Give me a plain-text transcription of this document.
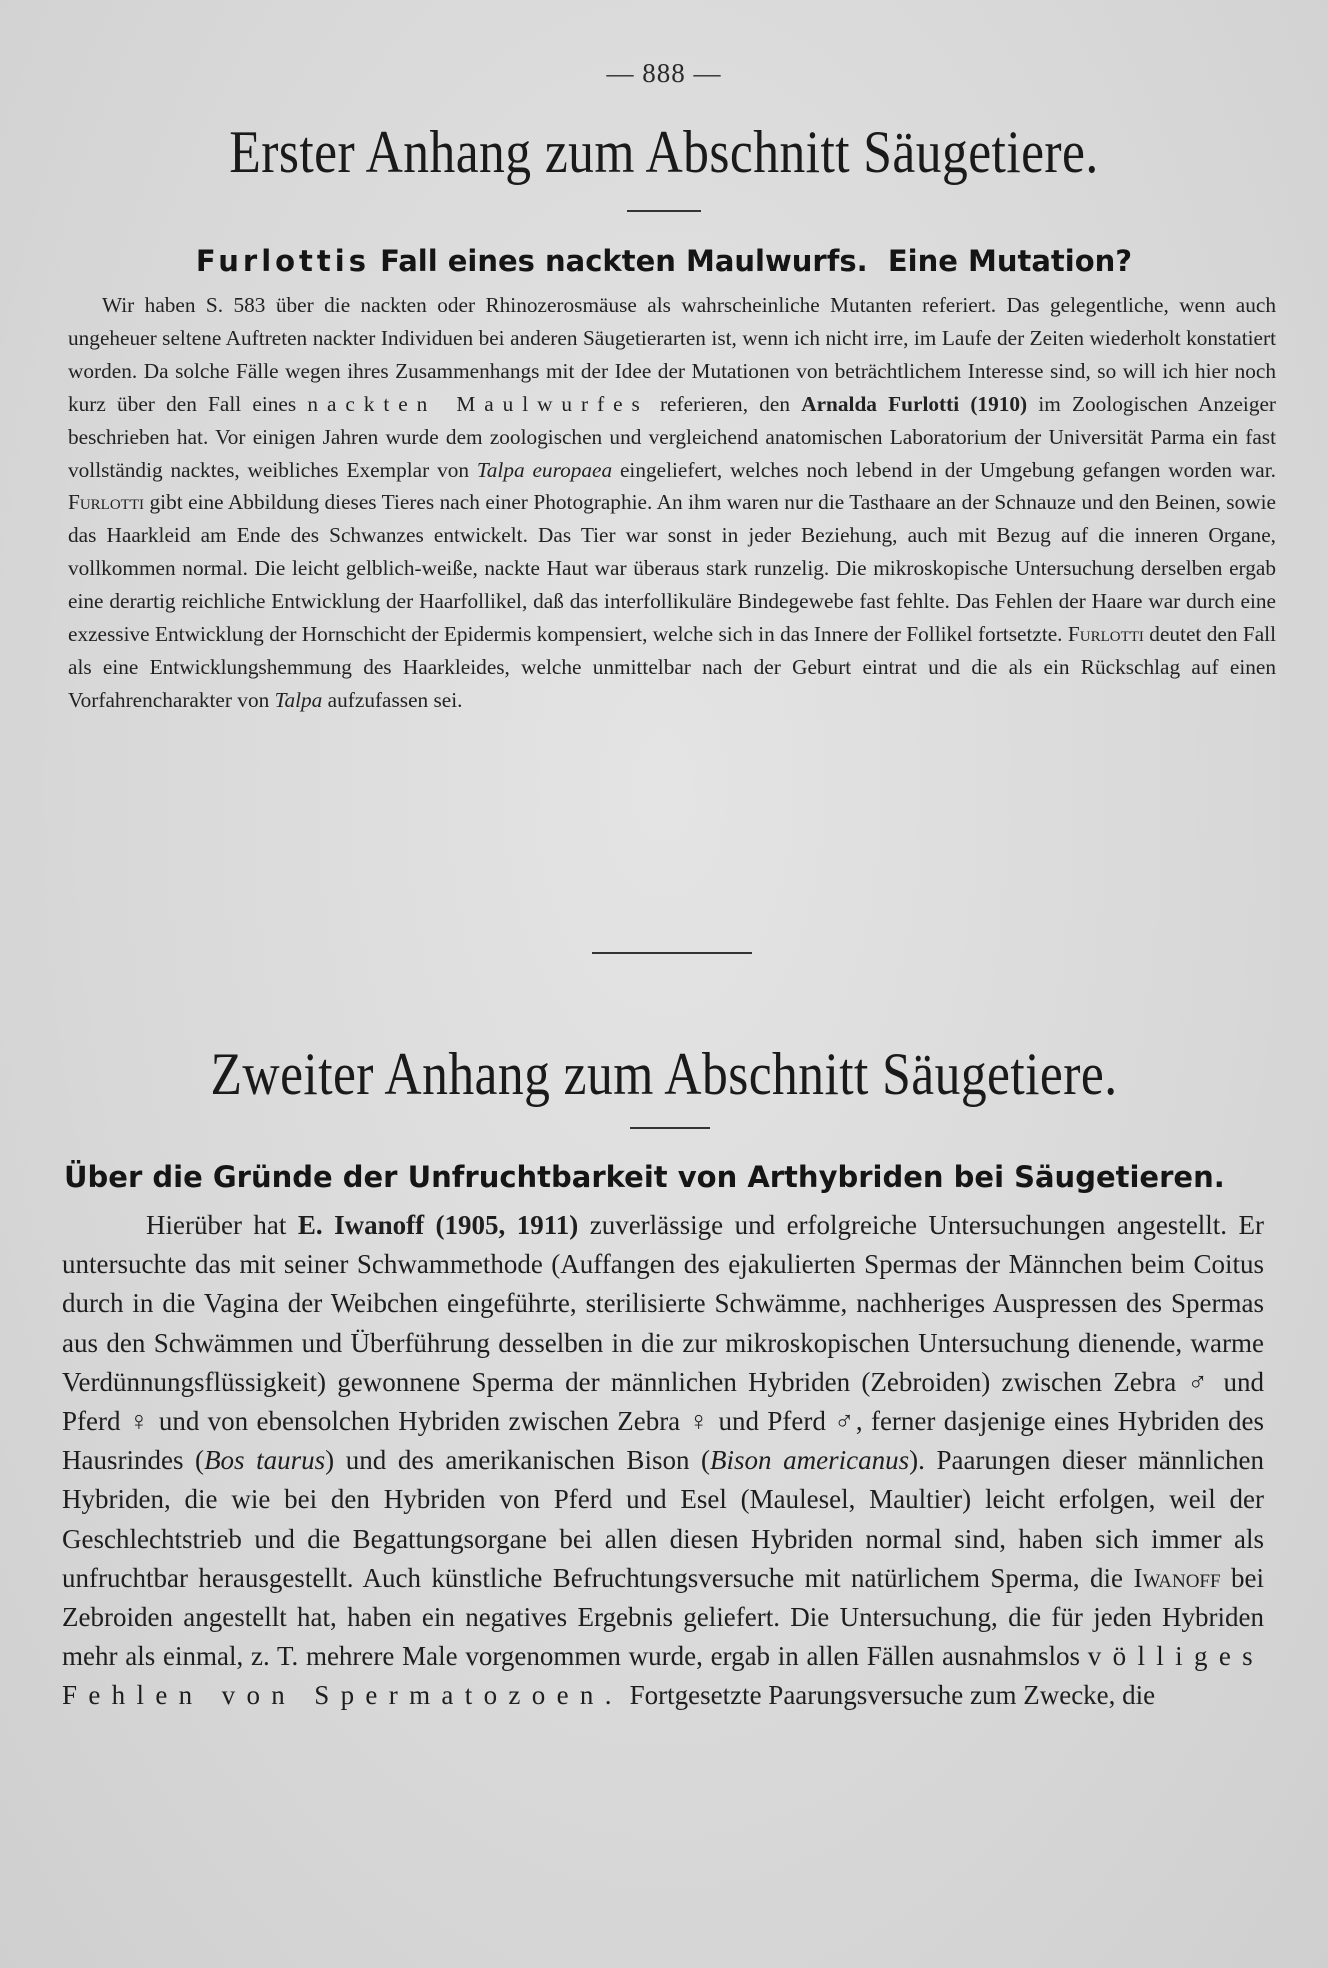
— 888 —
Erster Anhang zum Abschnitt Säugetiere.
Furlottis Fall eines nackten Maulwurfs.  Eine Mutation?
Wir haben S. 583 über die nackten oder Rhinozerosmäuse als wahrscheinliche Mutanten referiert. Das gelegentliche, wenn auch ungeheuer seltene Auftreten nackter Individuen bei anderen Säugetierarten ist, wenn ich nicht irre, im Laufe der Zeiten wiederholt konstatiert worden. Da solche Fälle wegen ihres Zusammenhangs mit der Idee der Mutationen von beträchtlichem Interesse sind, so will ich hier noch kurz über den Fall eines nackten Maulwurfes referieren, den Arnalda Furlotti (1910) im Zoologischen Anzeiger beschrieben hat. Vor einigen Jahren wurde dem zoologischen und vergleichend anatomischen Laboratorium der Universität Parma ein fast vollständig nacktes, weibliches Exemplar von Talpa europaea eingeliefert, welches noch lebend in der Umgebung gefangen worden war. Furlotti gibt eine Abbildung dieses Tieres nach einer Photographie. An ihm waren nur die Tasthaare an der Schnauze und den Beinen, sowie das Haarkleid am Ende des Schwanzes entwickelt. Das Tier war sonst in jeder Beziehung, auch mit Bezug auf die inneren Organe, vollkommen normal. Die leicht gelblich-weiße, nackte Haut war überaus stark runzelig. Die mikroskopische Untersuchung derselben ergab eine derartig reichliche Entwicklung der Haarfollikel, daß das interfollikuläre Bindegewebe fast fehlte. Das Fehlen der Haare war durch eine exzessive Entwicklung der Hornschicht der Epidermis kompensiert, welche sich in das Innere der Follikel fortsetzte. Furlotti deutet den Fall als eine Entwicklungshemmung des Haarkleides, welche unmittelbar nach der Geburt eintrat und die als ein Rückschlag auf einen Vorfahrencharakter von Talpa aufzufassen sei.
Zweiter Anhang zum Abschnitt Säugetiere.
Über die Gründe der Unfruchtbarkeit von Arthybriden bei Säugetieren.
Hierüber hat E. Iwanoff (1905, 1911) zuverlässige und erfolgreiche Untersuchungen angestellt. Er untersuchte das mit seiner Schwammethode (Auffangen des ejakulierten Spermas der Männchen beim Coitus durch in die Vagina der Weibchen eingeführte, sterilisierte Schwämme, nachheriges Auspressen des Spermas aus den Schwämmen und Überführung desselben in die zur mikroskopischen Untersuchung dienende, warme Verdünnungsflüssigkeit) gewonnene Sperma der männlichen Hybriden (Zebroiden) zwischen Zebra ♂ und Pferd ♀ und von ebensolchen Hybriden zwischen Zebra ♀ und Pferd ♂, ferner dasjenige eines Hybriden des Hausrindes (Bos taurus) und des amerikanischen Bison (Bison americanus). Paarungen dieser männlichen Hybriden, die wie bei den Hybriden von Pferd und Esel (Maulesel, Maultier) leicht erfolgen, weil der Geschlechtstrieb und die Begattungsorgane bei allen diesen Hybriden normal sind, haben sich immer als unfruchtbar herausgestellt. Auch künstliche Befruchtungsversuche mit natürlichem Sperma, die Iwanoff bei Zebroiden angestellt hat, haben ein negatives Ergebnis geliefert. Die Untersuchung, die für jeden Hybriden mehr als einmal, z. T. mehrere Male vorgenommen wurde, ergab in allen Fällen ausnahmslos völliges Fehlen von Spermatozoen. Fortgesetzte Paarungsversuche zum Zwecke, die
